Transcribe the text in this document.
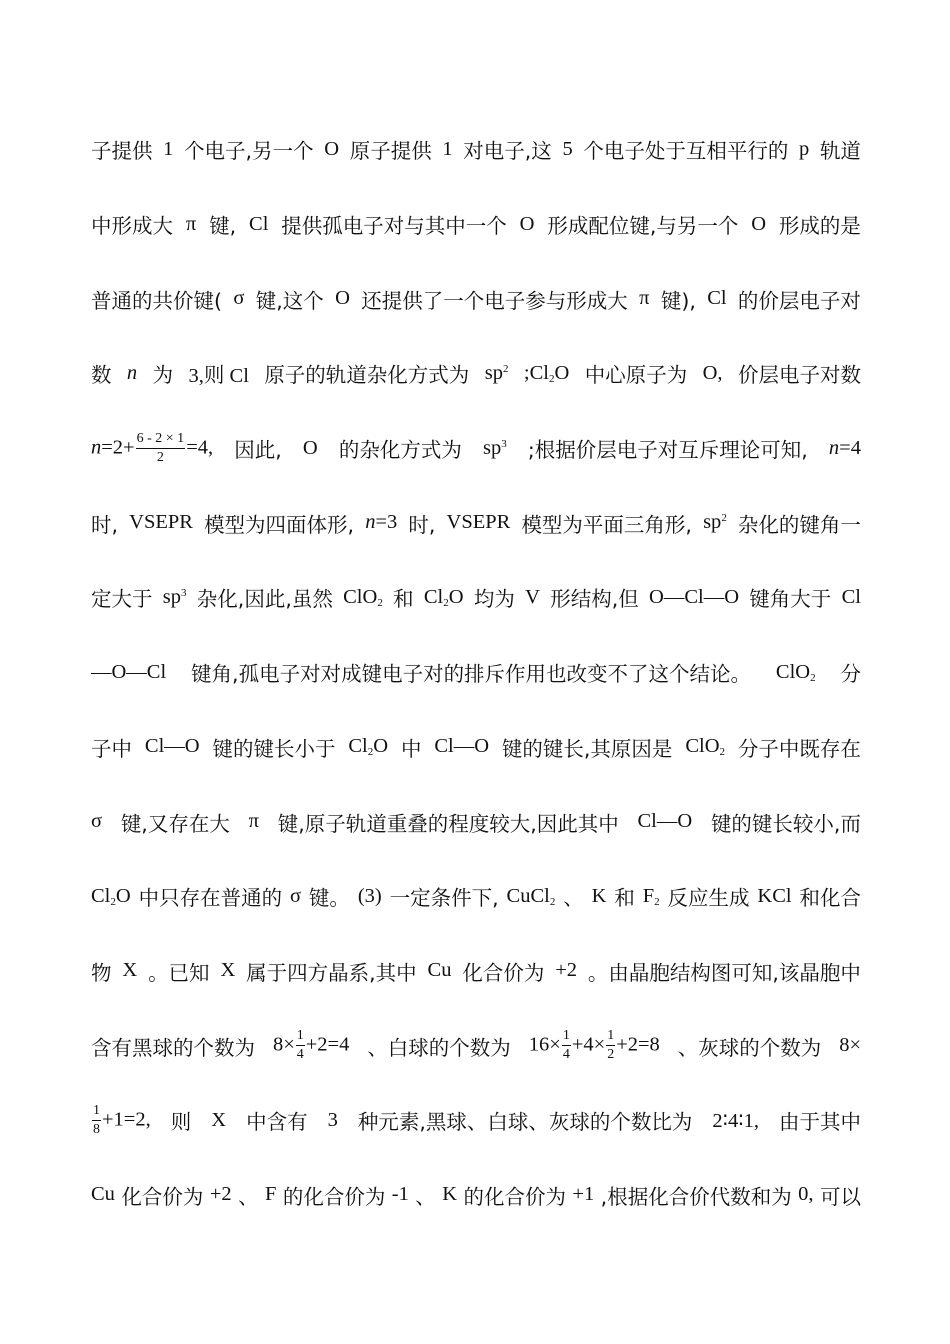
子提供 1 个电子,另一个 O 原子提供 1 对电子,这 5 个电子处于互相平行的 p 轨道
中形成大 π 键, Cl 提供孤电子对与其中一个 O 形成配位键,与另一个 O 形成的是
普通的共价键( σ 键,这个 O 还提供了一个电子参与形成大 π 键), Cl 的价层电子对
数 n 为 3,则 Cl 原子的轨道杂化方式为 $sp^2$ $;Cl_2O$ 中心原子为 O, 价层电子对数
$n=2+ \frac{6 - 2 \times 1}{2} =4$, 因此, O 的杂化方式为 $sp^3$ ;根据价层电子对互斥理论可知, n=4
时, VSEPR 模型为四面体形, n=3 时, VSEPR 模型为平面三角形, $sp^2$ 杂化的键角一
定大于 $sp^3$ 杂化,因此,虽然 ClO$_2$ 和 $Cl_2O$ 均为 V 形结构,但 O—Cl—O 键角大于 Cl
—O—Cl 键角,孤电子对对成键电子对的排斥作用也改变不了这个结论。 ClO$_2$ 分
子中 Cl—O 键的键长小于 $Cl_2O$ 中 Cl—O 键的键长,其原因是 ClO$_2$ 分子中既存在
σ 键,又存在大 π 键,原子轨道重叠的程度较大,因此其中 Cl—O 键的键长较小,而
$Cl_2O$ 中只存在普通的 σ 键。 (3) 一定条件下, CuCl$_2$ 、 K 和 $F_2$ 反应生成 KCl 和化合
物 X 。已知 X 属于四方晶系,其中 Cu 化合价为 +2 。由晶胞结构图可知,该晶胞中
含有黑球的个数为 $8\times \frac{1}{4} +2=4$ 、白球的个数为 $16\times \frac{1}{4} +4\times \frac{1}{2} +2=8$ 、灰球的个数为 8×
$\frac{1}{8} +1=2$, 则 X 中含有 3 种元素,黑球、白球、灰球的个数比为 2∶4∶1, 由于其中
Cu 化合价为 +2 、 F 的化合价为 -1 、 K 的化合价为 +1 ,根据化合价代数和为 0, 可以
